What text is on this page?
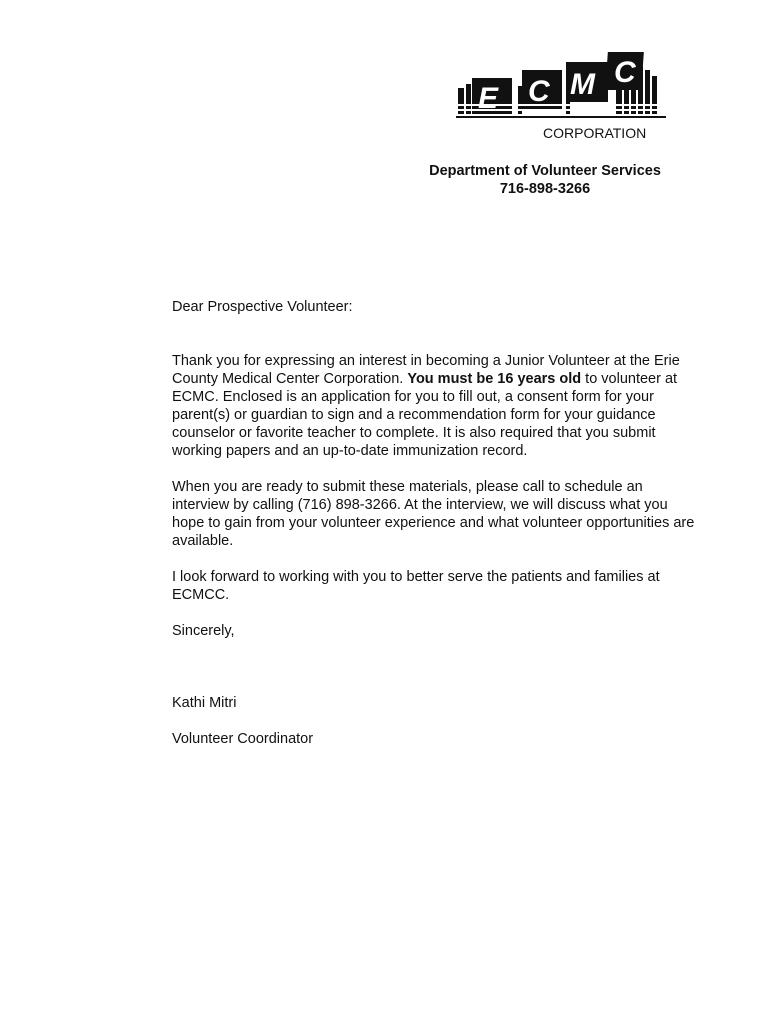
E C M C
CORPORATION
Department of Volunteer Services
716-898-3266

Dear Prospective Volunteer:

Thank you for expressing an interest in becoming a Junior Volunteer at the Erie County Medical Center Corporation. You must be 16 years old to volunteer at ECMC. Enclosed is an application for you to fill out, a consent form for your parent(s) or guardian to sign and a recommendation form for your guidance counselor or favorite teacher to complete. It is also required that you submit working papers and an up-to-date immunization record.

When you are ready to submit these materials, please call to schedule an interview by calling (716) 898-3266. At the interview, we will discuss what you hope to gain from your volunteer experience and what volunteer opportunities are available.

I look forward to working with you to better serve the patients and families at ECMCC.

Sincerely,

Kathi Mitri

Volunteer Coordinator
